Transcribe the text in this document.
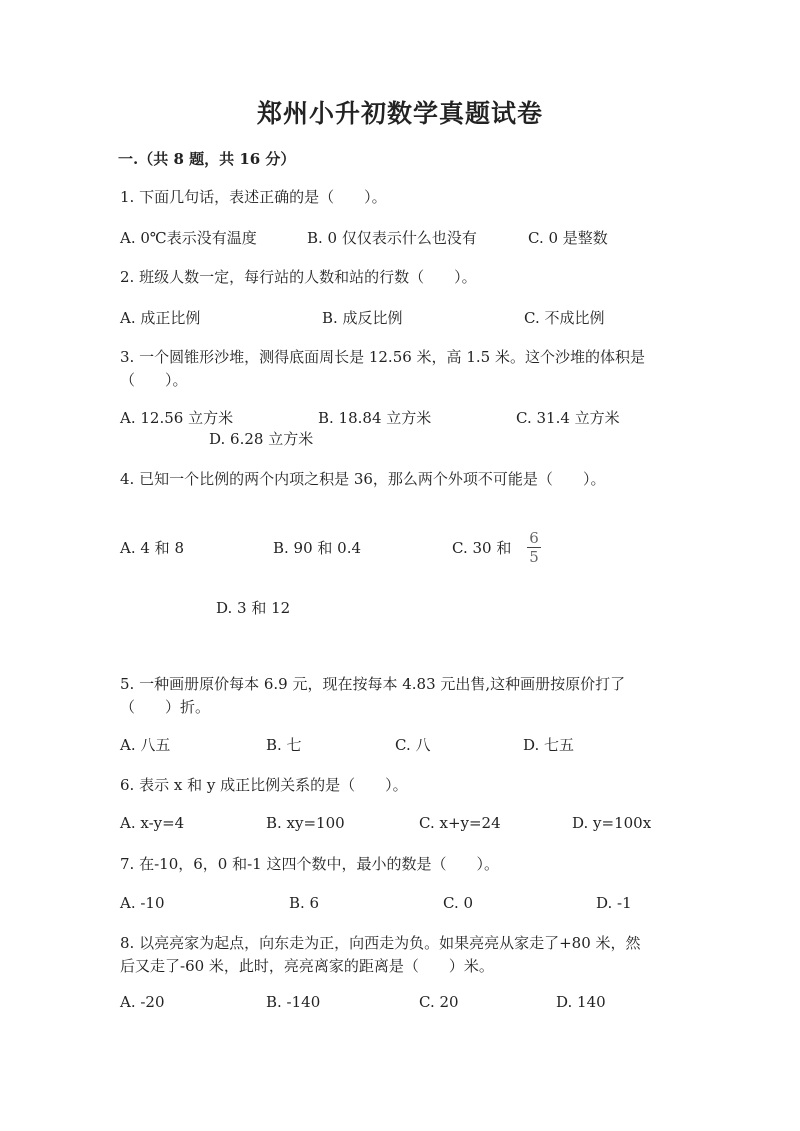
郑州小升初数学真题试卷
一.（共 8 题，共 16 分）
1. 下面几句话，表述正确的是（　　）。
A. 0℃表示没有温度	B. 0 仅仅表示什么也没有	C. 0 是整数
2. 班级人数一定，每行站的人数和站的行数（　　）。
A. 成正比例	B. 成反比例	C. 不成比例
3. 一个圆锥形沙堆，测得底面周长是 12.56 米，高 1.5 米。这个沙堆的体积是
（　　）。
A. 12.56 立方米	B. 18.84 立方米	C. 31.4 立方米
D. 6.28 立方米
4. 已知一个比例的两个内项之积是 36，那么两个外项不可能是（　　）。
A. 4 和 8	B. 90 和 0.4	C. 30 和
6
5
D. 3 和 12
5. 一种画册原价每本 6.9 元，现在按每本 4.83 元出售,这种画册按原价打了
（　　）折。
A. 八五	B. 七	C. 八	D. 七五
6. 表示 x 和 y 成正比例关系的是（　　）。
A. x-y=4	B. xy=100	C. x+y=24	D. y=100x
7. 在-10，6，0 和-1 这四个数中，最小的数是（　　）。
A. -10	B. 6	C. 0	D. -1
8. 以亮亮家为起点，向东走为正，向西走为负。如果亮亮从家走了+80 米，然
后又走了-60 米，此时，亮亮离家的距离是（　　）米。
A. -20	B. -140	C. 20	D. 140
